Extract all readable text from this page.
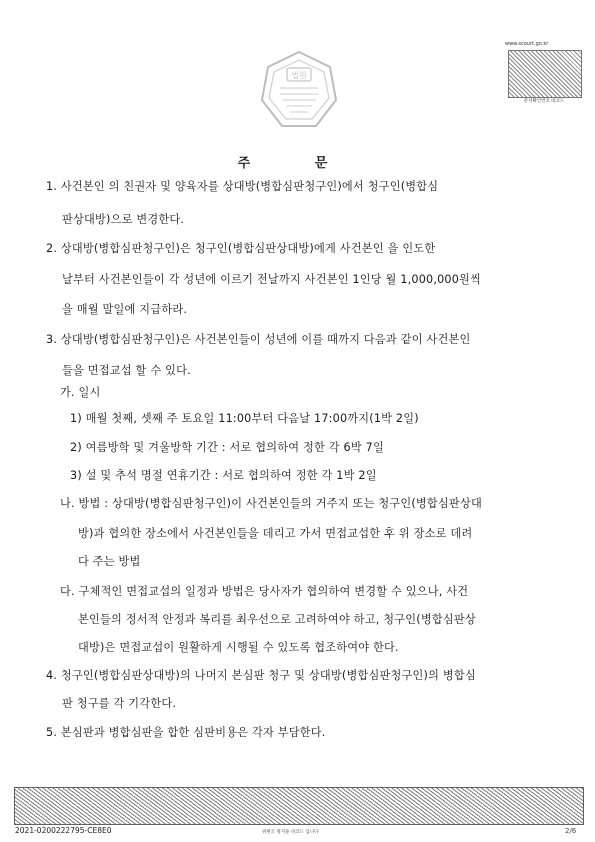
법원
www.scourt.go.kr
문서확인번호 바코드
주 문
1. 사건본인 의 친권자 및 양육자를 상대방(병합심판청구인)에서 청구인(병합심
판상대방)으로 변경한다.
2. 상대방(병합심판청구인)은 청구인(병합심판상대방)에게 사건본인 을 인도한
날부터 사건본인들이 각 성년에 이르기 전날까지 사건본인 1인당 월 1,000,000원씩
을 매월 말일에 지급하라.
3. 상대방(병합심판청구인)은 사건본인들이 성년에 이를 때까지 다음과 같이 사건본인
들을 면접교섭 할 수 있다.
가. 일시
1) 매월 첫째, 셋째 주 토요일 11:00부터 다음날 17:00까지(1박 2일)
2) 여름방학 및 겨울방학 기간 : 서로 협의하여 정한 각 6박 7일
3) 설 및 추석 명절 연휴기간 : 서로 협의하여 정한 각 1박 2일
나. 방법 : 상대방(병합심판청구인)이 사건본인들의 거주지 또는 청구인(병합심판상대
방)과 협의한 장소에서 사건본인들을 데리고 가서 면접교섭한 후 위 장소로 데려
다 주는 방법
다. 구체적인 면접교섭의 일정과 방법은 당사자가 협의하여 변경할 수 있으나, 사건
본인들의 정서적 안정과 복리를 최우선으로 고려하여야 하고, 청구인(병합심판상
대방)은 면접교섭이 원활하게 시행될 수 있도록 협조하여야 한다.
4. 청구인(병합심판상대방)의 나머지 본심판 청구 및 상대방(병합심판청구인)의 병합심
판 청구를 각 기각한다.
5. 본심판과 병합심판을 합한 심판비용은 각자 부담한다.
2021-0200222795-CE8E0	위변조 방지용 바코드 입니다	2/6
